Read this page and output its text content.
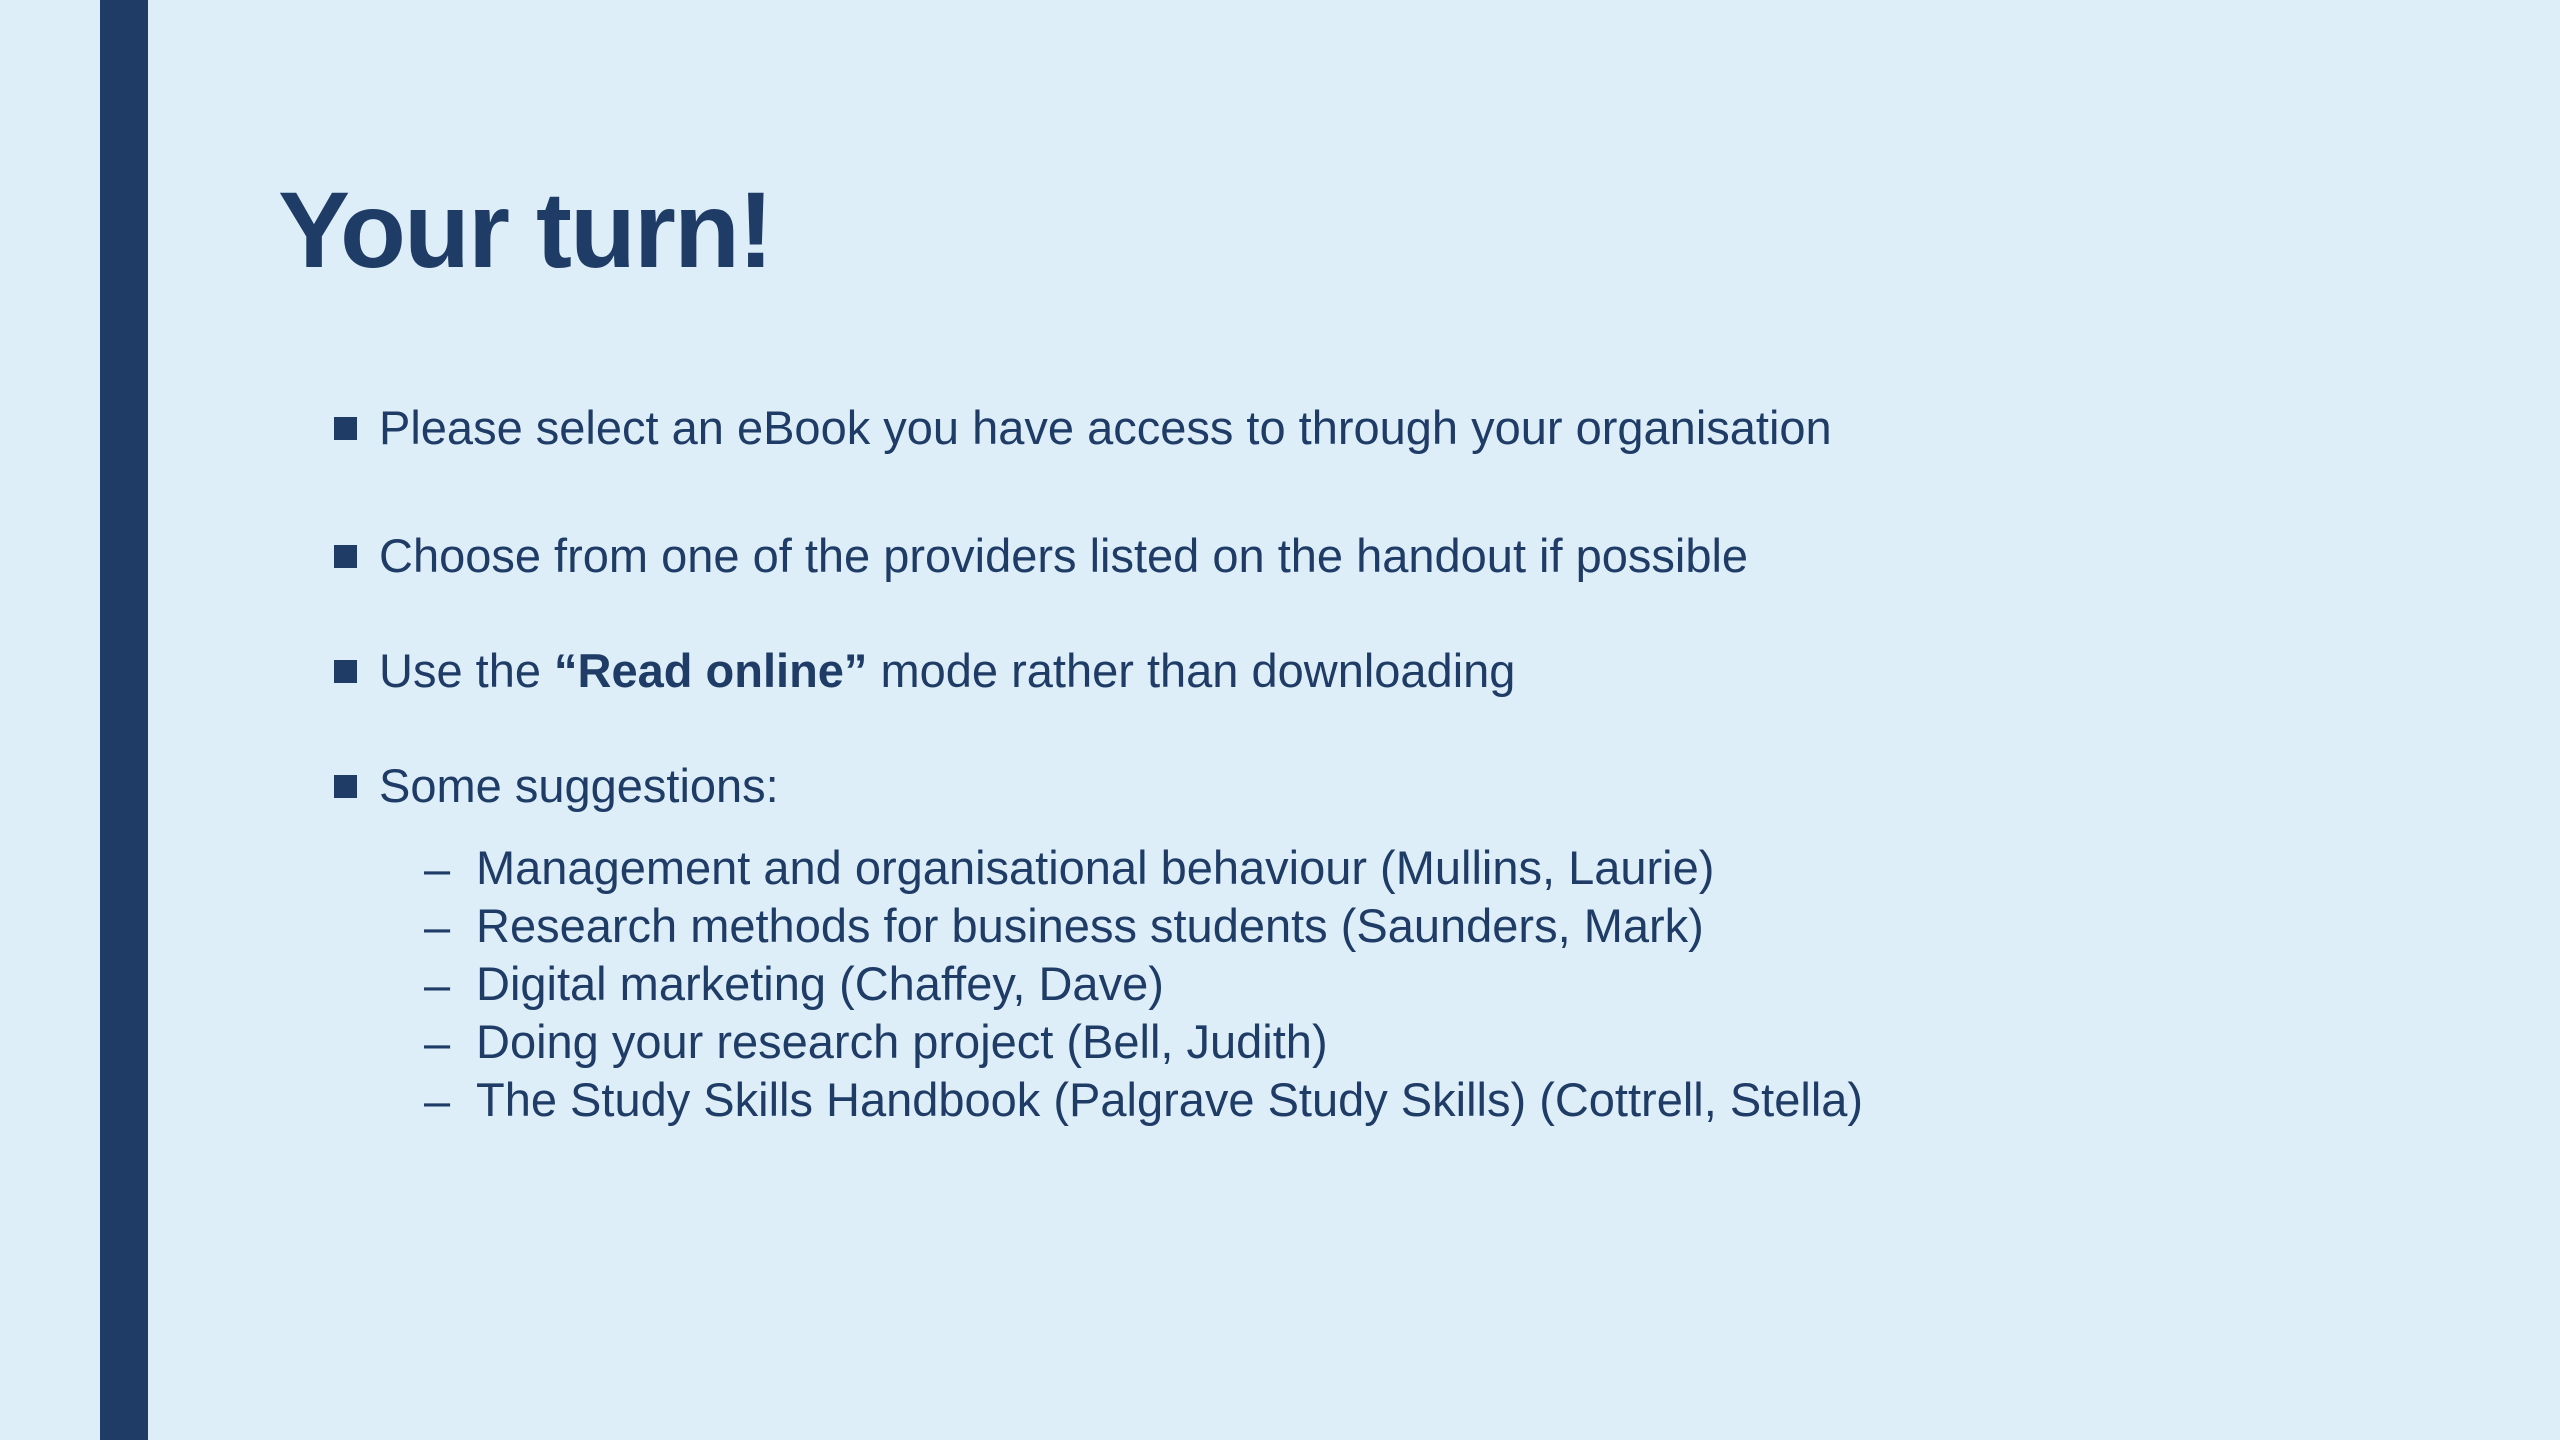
Your turn!
Please select an eBook you have access to through your organisation
Choose from one of the providers listed on the handout if possible
Use the “Read online” mode rather than downloading
Some suggestions:
– Management and organisational behaviour (Mullins, Laurie)
– Research methods for business students (Saunders, Mark)
– Digital marketing (Chaffey, Dave)
– Doing your research project (Bell, Judith)
– The Study Skills Handbook (Palgrave Study Skills) (Cottrell, Stella)
